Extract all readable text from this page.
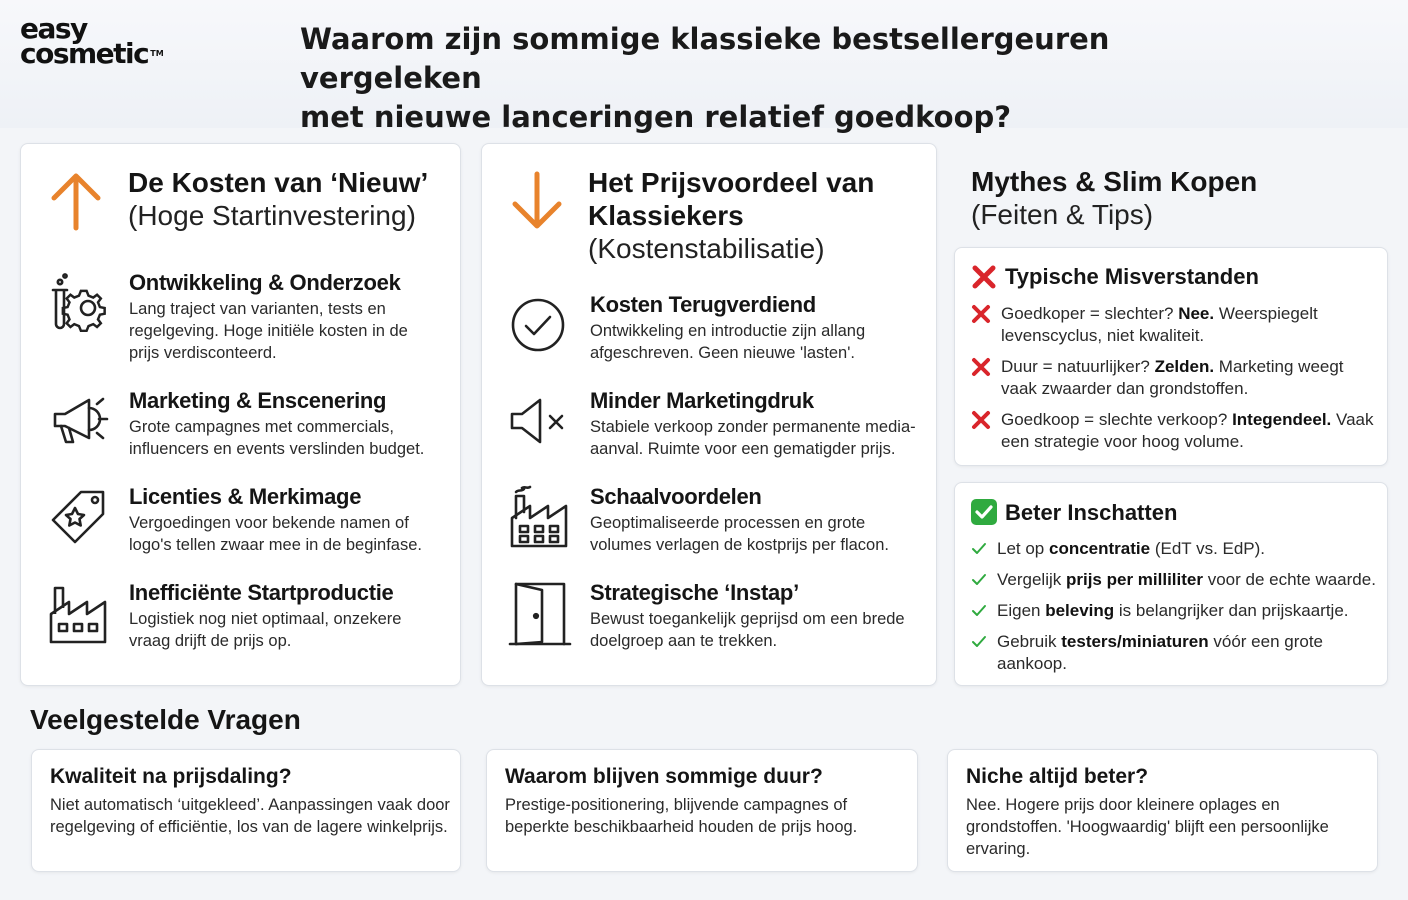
easy
cosmetic ™	Waarom zijn sommige klassieke bestsellergeuren vergeleken
met nieuwe lanceringen relatief goedkoop?
De Kosten van ‘Nieuw’
(Hoge Startinvestering)
Ontwikkeling & Onderzoek

Lang traject van varianten, tests en regelgeving. Hoge initiële kosten in de prijs verdisconteerd.

Marketing & Enscenering

Grote campagnes met commercials, influencers en events verslinden budget.

Licenties & Merkimage

Vergoedingen voor bekende namen of logo's tellen zwaar mee in de beginfase.

Inefficiënte Startproductie

Logistiek nog niet optimaal, onzekere vraag drijft de prijs op.

Het Prijsvoordeel van
Klassiekers
(Kostenstabilisatie)
Kosten Terugverdiend

Ontwikkeling en introductie zijn allang afgeschreven. Geen nieuwe 'lasten'.

Minder Marketingdruk

Stabiele verkoop zonder permanente media-aanval. Ruimte voor een gematigder prijs.

Schaalvoordelen

Geoptimaliseerde processen en grote volumes verlagen de kostprijs per flacon.

Strategische ‘Instap’

Bewust toegankelijk geprijsd om een brede doelgroep aan te trekken.

Mythes & Slim Kopen
(Feiten & Tips)
Typische Misverstanden
Goedkoper = slechter? Nee. Weerspiegelt levenscyclus, niet kwaliteit.
Duur = natuurlijker? Zelden. Marketing weegt vaak zwaarder dan grondstoffen.
Goedkoop = slechte verkoop? Integendeel. Vaak een strategie voor hoog volume.
Beter Inschatten
Let op concentratie (EdT vs. EdP).
Vergelijk prijs per milliliter voor de echte waarde.
Eigen beleving is belangrijker dan prijskaartje.
Gebruik testers/miniaturen vóór een grote aankoop.
Veelgestelde Vragen
Kwaliteit na prijsdaling?

Niet automatisch ‘uitgekleed’. Aanpassingen vaak door regelgeving of efficiëntie, los van de lagere winkelprijs.

Waarom blijven sommige duur?

Prestige-positionering, blijvende campagnes of beperkte beschikbaarheid houden de prijs hoog.

Niche altijd beter?

Nee. Hogere prijs door kleinere oplages en grondstoffen. 'Hoogwaardig' blijft een persoonlijke ervaring.
